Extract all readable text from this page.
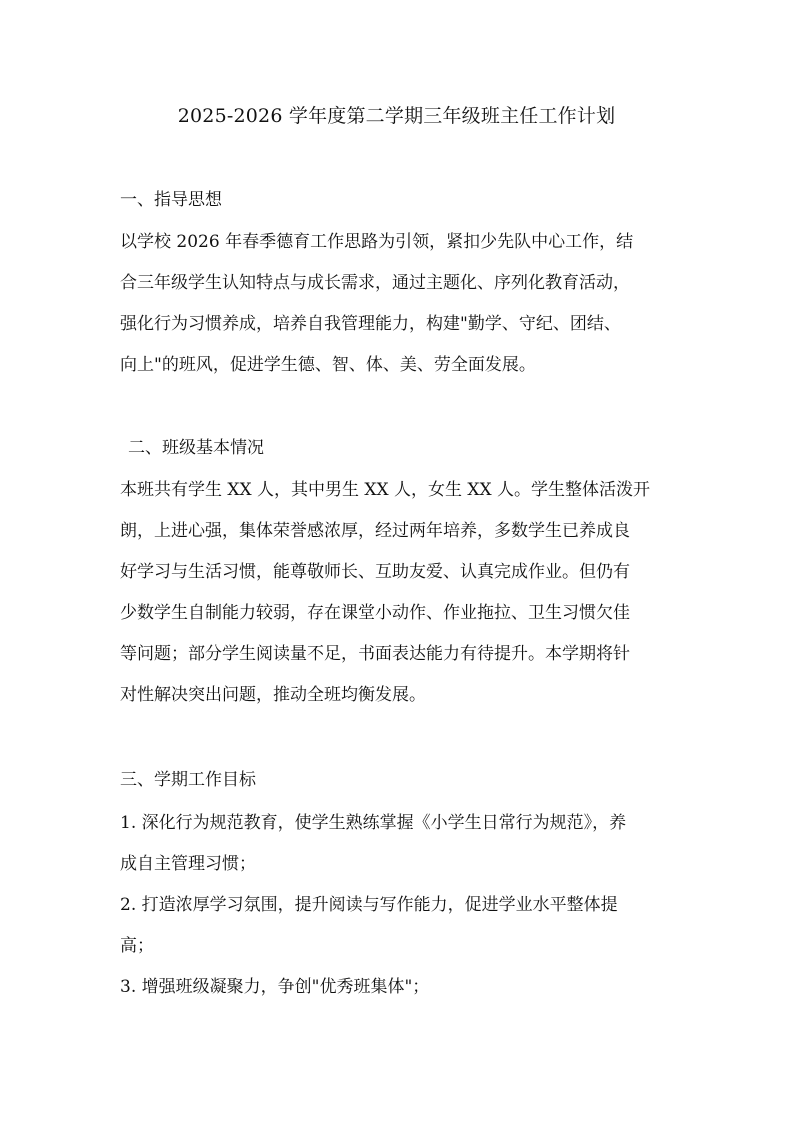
2025-2026 学年度第二学期三年级班主任工作计划
一、指导思想
以学校 2026 年春季德育工作思路为引领，紧扣少先队中心工作，结
合三年级学生认知特点与成长需求，通过主题化、序列化教育活动，
强化行为习惯养成，培养自我管理能力，构建"勤学、守纪、团结、
向上"的班风，促进学生德、智、体、美、劳全面发展。
二、班级基本情况
本班共有学生 XX 人，其中男生 XX 人，女生 XX 人。学生整体活泼开
朗，上进心强，集体荣誉感浓厚，经过两年培养，多数学生已养成良
好学习与生活习惯，能尊敬师长、互助友爱、认真完成作业。但仍有
少数学生自制能力较弱，存在课堂小动作、作业拖拉、卫生习惯欠佳
等问题；部分学生阅读量不足，书面表达能力有待提升。本学期将针
对性解决突出问题，推动全班均衡发展。
三、学期工作目标
1. 深化行为规范教育，使学生熟练掌握《小学生日常行为规范》，养
成自主管理习惯；
2. 打造浓厚学习氛围，提升阅读与写作能力，促进学业水平整体提
高；
3. 增强班级凝聚力，争创"优秀班集体"；
